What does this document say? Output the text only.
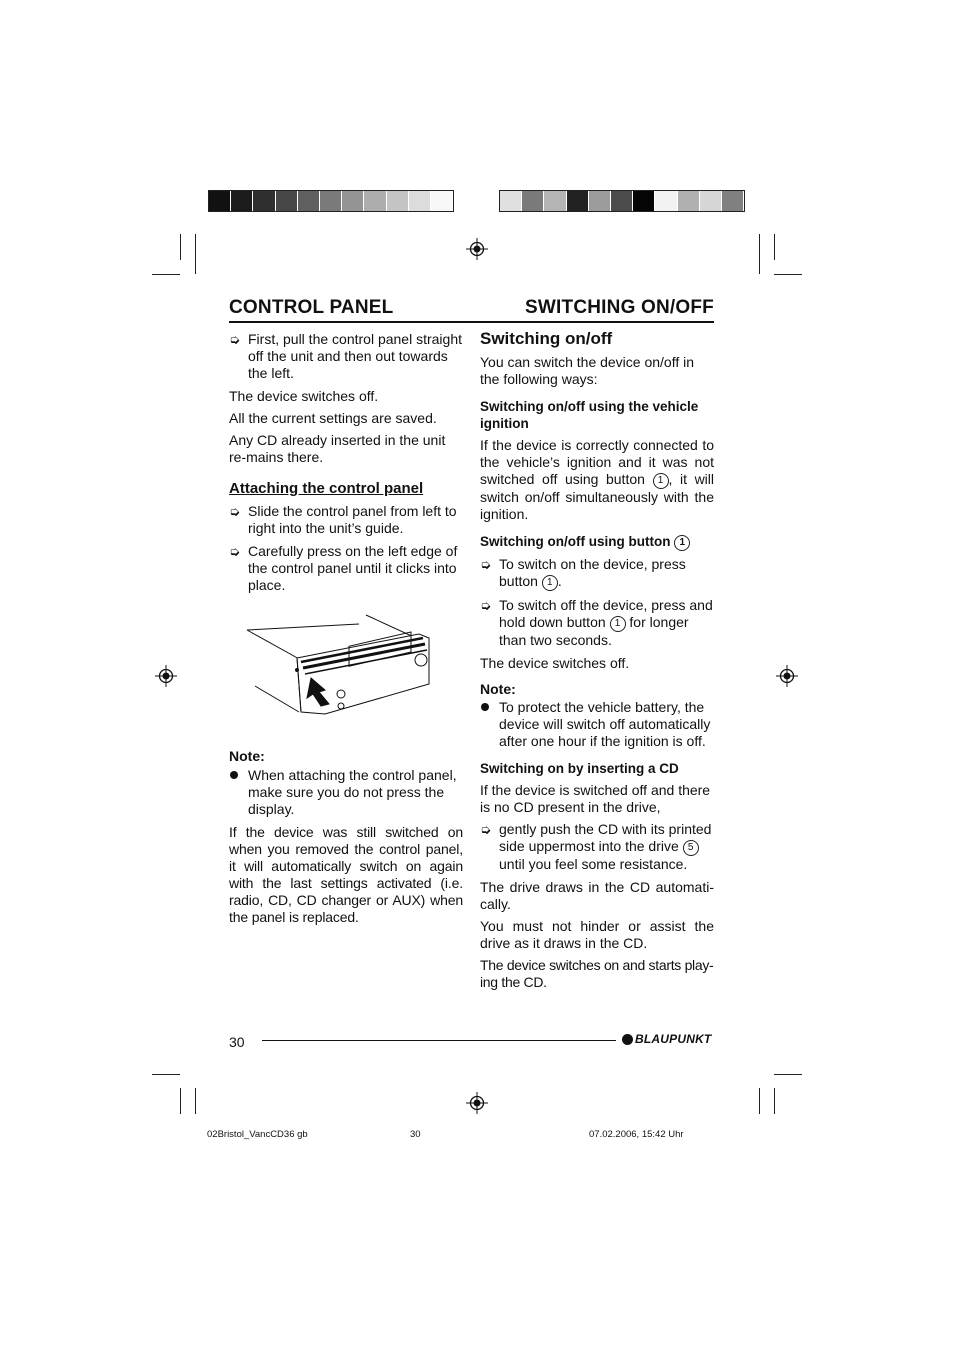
CONTROL PANEL	SWITCHING ON/OFF
➭ First, pull the control panel straight off the unit and then out towards the left.

The device switches off.

All the current settings are saved.

Any CD already inserted in the unit re-mains there.

Attaching the control panel
➭ Slide the control panel from left to right into the unit’s guide.
➭ Carefully press on the left edge of the control panel until it clicks into place.
Note:
When attaching the control panel, make sure you do not press the display.

If the device was still switched on when you removed the control panel, it will automatically switch on again with the last settings activated (i.e. radio, CD, CD changer or AUX) when the panel is replaced.

Switching on/off

You can switch the device on/off in the following ways:

Switching on/off using the vehicle ignition

If the device is correctly connected to the vehicle’s ignition and it was not switched off using button 1 , it will switch on/off simultaneously with the ignition.

Switching on/off using button 1
➭ To switch on the device, press button 1 .
➭ To switch off the device, press and hold down button 1 for longer than two seconds.

The device switches off.

Note:
To protect the vehicle battery, the device will switch off automatically after one hour if the ignition is off.
Switching on by inserting a CD

If the device is switched off and there is no CD present in the drive,

➭ gently push the CD with its printed side uppermost into the drive 5 until you feel some resistance.

The drive draws in the CD automati-cally.

You must not hinder or assist the drive as it draws in the CD.

The device switches on and starts play-ing the CD.

30	BLAUPUNKT
02Bristol_VancCD36 gb	30	07.02.2006, 15:42 Uhr
